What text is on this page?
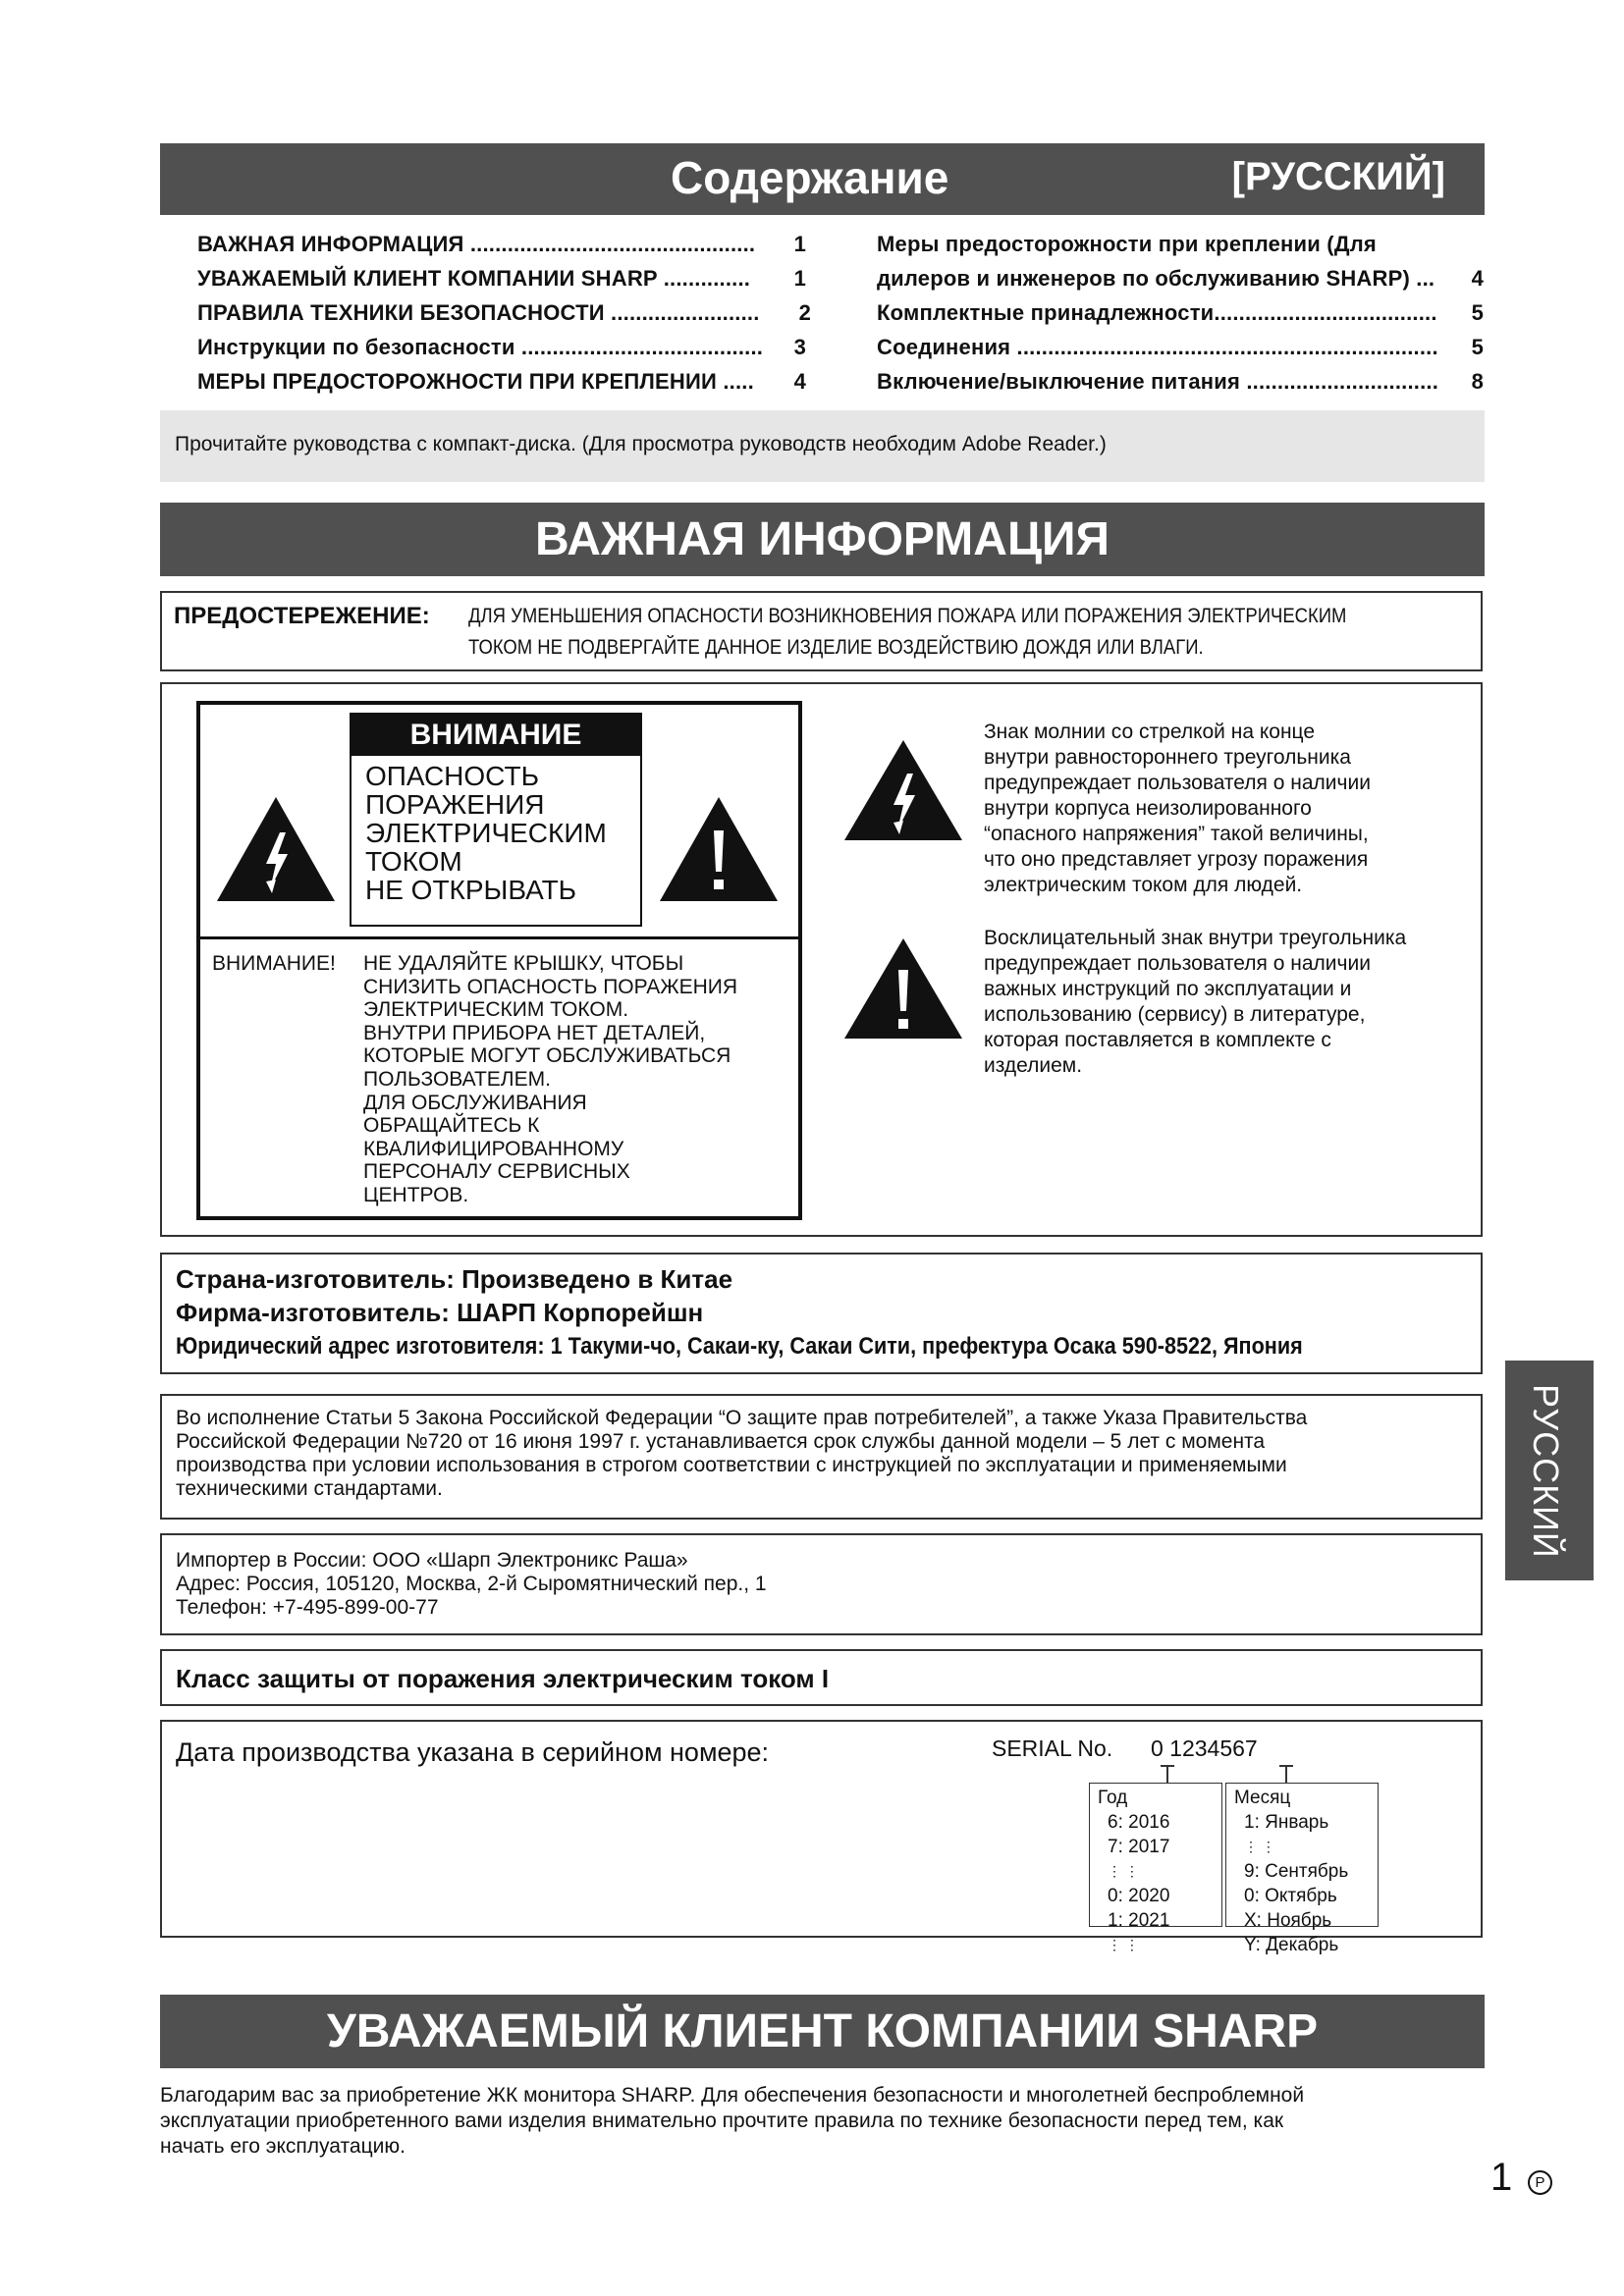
Содержание	[РУССКИЙ]
ВАЖНАЯ ИНФОРМАЦИЯ .............................................. 1
УВАЖАЕМЫЙ КЛИЕНТ КОМПАНИИ SHARP .............. 1
ПРАВИЛА ТЕХНИКИ БЕЗОПАСНОСТИ ........................ 2
Инструкции по безопасности ....................................... 3
МЕРЫ ПРЕДОСТОРОЖНОСТИ ПРИ КРЕПЛЕНИИ ..... 4
Меры предосторожности при креплении (Для
дилеров и инженеров по обслуживанию SHARP) ... 4
Комплектные принадлежности.................................... 5
Соединения .................................................................... 5
Включение/выключение питания ............................... 8
Прочитайте руководства с компакт-диска. (Для просмотра руководств необходим Adobe Reader.)
ВАЖНАЯ ИНФОРМАЦИЯ
ПРЕДОСТЕРЕЖЕНИЕ: ДЛЯ УМЕНЬШЕНИЯ ОПАСНОСТИ ВОЗНИКНОВЕНИЯ ПОЖАРА ИЛИ ПОРАЖЕНИЯ ЭЛЕКТРИЧЕСКИМ
ТОКОМ НЕ ПОДВЕРГАЙТЕ ДАННОЕ ИЗДЕЛИЕ ВОЗДЕЙСТВИЮ ДОЖДЯ ИЛИ ВЛАГИ.
ВНИМАНИЕ
ОПАСНОСТЬ
ПОРАЖЕНИЯ
ЭЛЕКТРИЧЕСКИМ
ТОКОМ
НЕ ОТКРЫВАТЬ
ВНИМАНИЕ! НЕ УДАЛЯЙТЕ КРЫШКУ, ЧТОБЫ
СНИЗИТЬ ОПАСНОСТЬ ПОРАЖЕНИЯ
ЭЛЕКТРИЧЕСКИМ ТОКОМ.
ВНУТРИ ПРИБОРА НЕТ ДЕТАЛЕЙ,
КОТОРЫЕ МОГУТ ОБСЛУЖИВАТЬСЯ
ПОЛЬЗОВАТЕЛЕМ.
ДЛЯ ОБСЛУЖИВАНИЯ
ОБРАЩАЙТЕСЬ К
КВАЛИФИЦИРОВАННОМУ
ПЕРСОНАЛУ СЕРВИСНЫХ
ЦЕНТРОВ.
Знак молнии со стрелкой на конце
внутри равностороннего треугольника
предупреждает пользователя о наличии
внутри корпуса неизолированного
“опасного напряжения” такой величины,
что оно представляет угрозу поражения
электрическим током для людей.
Восклицательный знак внутри треугольника
предупреждает пользователя о наличии
важных инструкций по эксплуатации и
использованию (сервису) в литературе,
которая поставляется в комплекте с
изделием.
Страна-изготовитель: Произведено в Китае
Фирма-изготовитель: ШАРП Корпорейшн
Юридический адрес изготовителя: 1 Такуми-чо, Сакаи-ку, Сакаи Сити, префектура Осака 590-8522, Япония
Во исполнение Статьи 5 Закона Российской Федерации “О защите прав потребителей”, а также Указа Правительства
Российской Федерации №720 от 16 июня 1997 г. устанавливается срок службы данной модели – 5 лет с момента
производства при условии использования в строгом соответствии с инструкцией по эксплуатации и применяемыми
техническими стандартами.
Импортер в России: ООО «Шарп Электроникс Раша»
Адрес: Россия, 105120, Москва, 2-й Сыромятнический пер., 1
Телефон: +7-495-899-00-77
Класс защиты от поражения электрическим током I
Дата производства указана в серийном номере:	SERIAL No. 0 1234567
Год
6: 2016
7: 2017
⋮ ⋮
0: 2020
1: 2021
⋮ ⋮
Месяц
1: Январь
⋮ ⋮
9: Сентябрь
0: Октябрь
X: Ноябрь
Y: Декабрь
УВАЖАЕМЫЙ КЛИЕНТ КОМПАНИИ SHARP
Благодарим вас за приобретение ЖК монитора SHARP. Для обеспечения безопасности и многолетней беспроблемной
эксплуатации приобретенного вами изделия внимательно прочтите правила по технике безопасности перед тем, как
начать его эксплуатацию.
РУССКИЙ
1	P
